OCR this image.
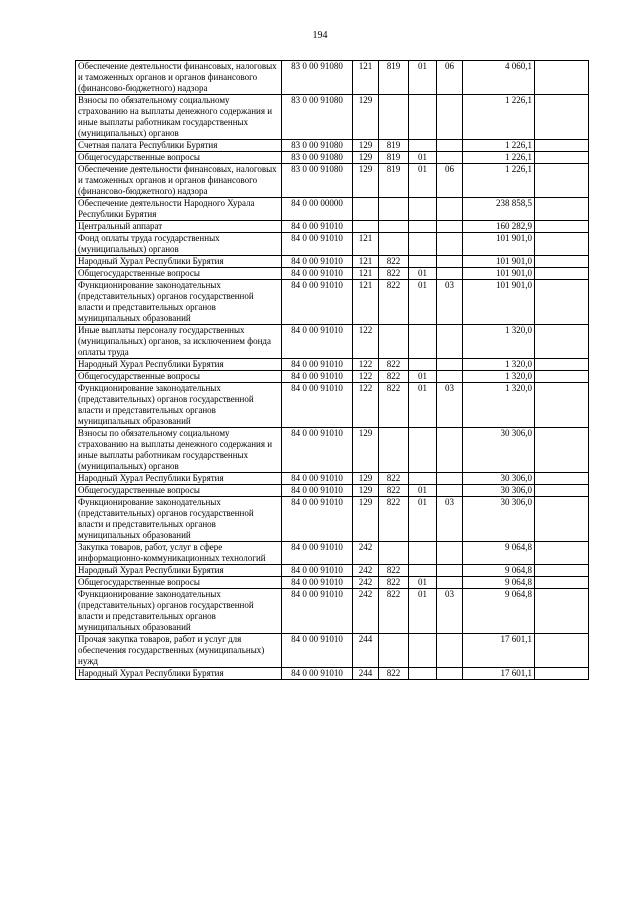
194
Обеспечение деятельности финансовых, налоговых и таможенных органов и органов финансового (финансово-бюджетного) надзора	83 0 00 91080	121	819	01	06	4 060,1	
Взносы по обязательному социальному страхованию на выплаты денежного содержания и иные выплаты работникам государственных (муниципальных) органов	83 0 00 91080	129				1 226,1	
Счетная палата Республики Бурятия	83 0 00 91080	129	819			1 226,1	
Общегосударственные вопросы	83 0 00 91080	129	819	01		1 226,1	
Обеспечение деятельности финансовых, налоговых и таможенных органов и органов финансового (финансово-бюджетного) надзора	83 0 00 91080	129	819	01	06	1 226,1	
Обеспечение деятельности Народного Хурала Республики Бурятия	84 0 00 00000					238 858,5	
Центральный аппарат	84 0 00 91010					160 282,9	
Фонд оплаты труда государственных (муниципальных) органов	84 0 00 91010	121				101 901,0	
Народный Хурал Республики Бурятия	84 0 00 91010	121	822			101 901,0	
Общегосударственные вопросы	84 0 00 91010	121	822	01		101 901,0	
Функционирование законодательных (представительных) органов государственной власти и представительных органов муниципальных образований	84 0 00 91010	121	822	01	03	101 901,0	
Иные выплаты персоналу государственных (муниципальных) органов, за исключением фонда оплаты труда	84 0 00 91010	122				1 320,0	
Народный Хурал Республики Бурятия	84 0 00 91010	122	822			1 320,0	
Общегосударственные вопросы	84 0 00 91010	122	822	01		1 320,0	
Функционирование законодательных (представительных) органов государственной власти и представительных органов муниципальных образований	84 0 00 91010	122	822	01	03	1 320,0	
Взносы по обязательному социальному страхованию на выплаты денежного содержания и иные выплаты работникам государственных (муниципальных) органов	84 0 00 91010	129				30 306,0	
Народный Хурал Республики Бурятия	84 0 00 91010	129	822			30 306,0	
Общегосударственные вопросы	84 0 00 91010	129	822	01		30 306,0	
Функционирование законодательных (представительных) органов государственной власти и представительных органов муниципальных образований	84 0 00 91010	129	822	01	03	30 306,0	
Закупка товаров, работ, услуг в сфере информационно-коммуникационных технологий	84 0 00 91010	242				9 064,8	
Народный Хурал Республики Бурятия	84 0 00 91010	242	822			9 064,8	
Общегосударственные вопросы	84 0 00 91010	242	822	01		9 064,8	
Функционирование законодательных (представительных) органов государственной власти и представительных органов муниципальных образований	84 0 00 91010	242	822	01	03	9 064,8	
Прочая закупка товаров, работ и услуг для обеспечения государственных (муниципальных) нужд	84 0 00 91010	244				17 601,1	
Народный Хурал Республики Бурятия	84 0 00 91010	244	822			17 601,1	
